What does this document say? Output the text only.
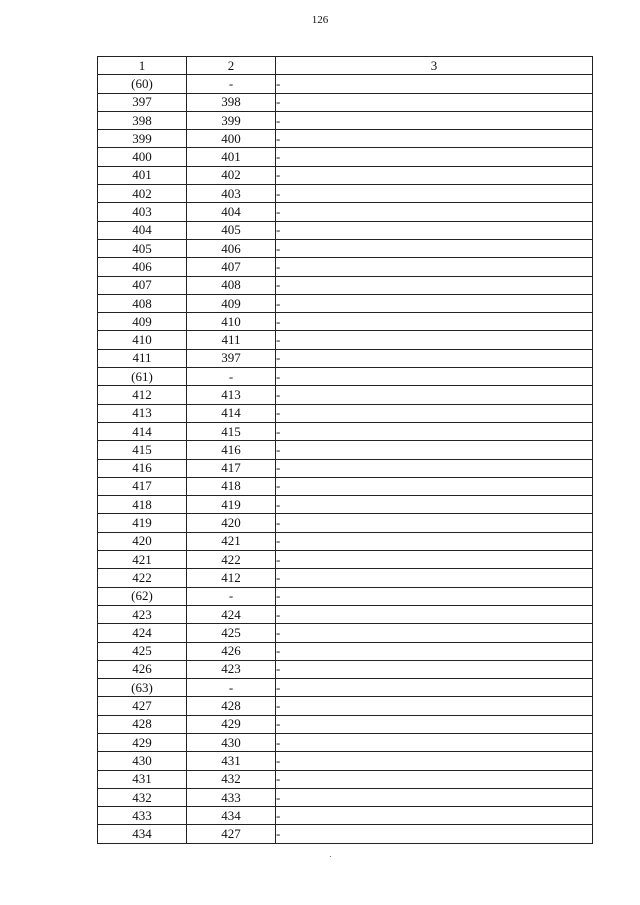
126
1	2	3
(60)	-	-
397	398	-
398	399	-
399	400	-
400	401	-
401	402	-
402	403	-
403	404	-
404	405	-
405	406	-
406	407	-
407	408	-
408	409	-
409	410	-
410	411	-
411	397	-
(61)	-	-
412	413	-
413	414	-
414	415	-
415	416	-
416	417	-
417	418	-
418	419	-
419	420	-
420	421	-
421	422	-
422	412	-
(62)	-	-
423	424	-
424	425	-
425	426	-
426	423	-
(63)	-	-
427	428	-
428	429	-
429	430	-
430	431	-
431	432	-
432	433	-
433	434	-
434	427	-
